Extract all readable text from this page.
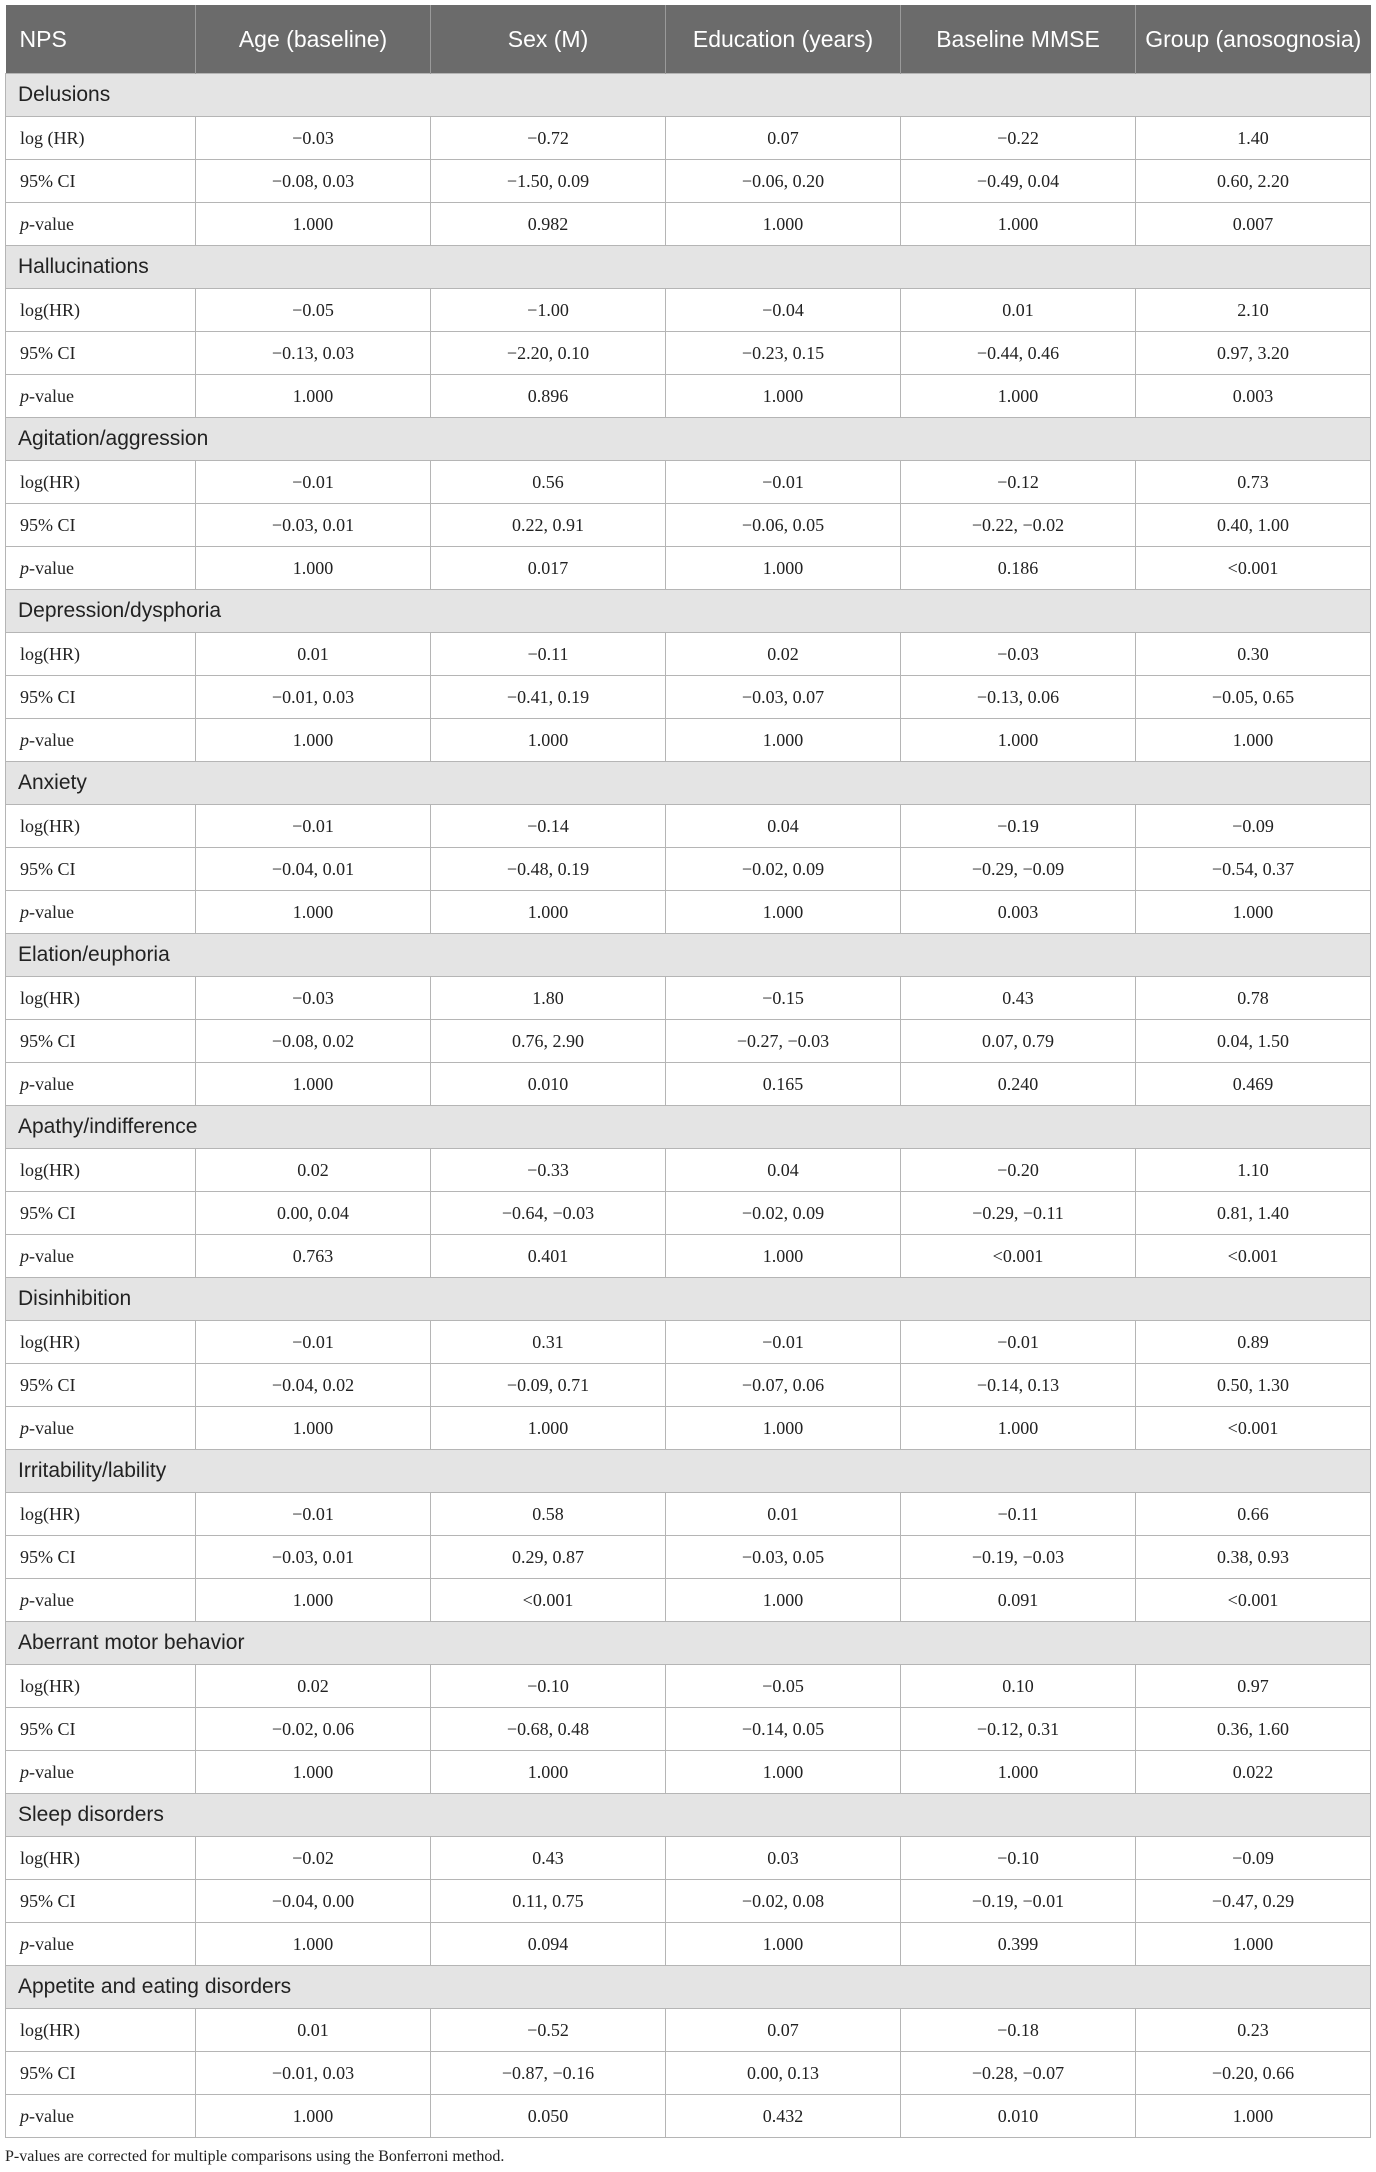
NPS	Age (baseline)	Sex (M)	Education (years)	Baseline MMSE	Group (anosognosia)
Delusions					
log (HR)	−0.03	−0.72	0.07	−0.22	1.40
95% CI	−0.08, 0.03	−1.50, 0.09	−0.06, 0.20	−0.49, 0.04	0.60, 2.20
p-value	1.000	0.982	1.000	1.000	0.007
Hallucinations					
log(HR)	−0.05	−1.00	−0.04	0.01	2.10
95% CI	−0.13, 0.03	−2.20, 0.10	−0.23, 0.15	−0.44, 0.46	0.97, 3.20
p-value	1.000	0.896	1.000	1.000	0.003
Agitation/aggression					
log(HR)	−0.01	0.56	−0.01	−0.12	0.73
95% CI	−0.03, 0.01	0.22, 0.91	−0.06, 0.05	−0.22, −0.02	0.40, 1.00
p-value	1.000	0.017	1.000	0.186	<0.001
Depression/dysphoria					
log(HR)	0.01	−0.11	0.02	−0.03	0.30
95% CI	−0.01, 0.03	−0.41, 0.19	−0.03, 0.07	−0.13, 0.06	−0.05, 0.65
p-value	1.000	1.000	1.000	1.000	1.000
Anxiety					
log(HR)	−0.01	−0.14	0.04	−0.19	−0.09
95% CI	−0.04, 0.01	−0.48, 0.19	−0.02, 0.09	−0.29, −0.09	−0.54, 0.37
p-value	1.000	1.000	1.000	0.003	1.000
Elation/euphoria					
log(HR)	−0.03	1.80	−0.15	0.43	0.78
95% CI	−0.08, 0.02	0.76, 2.90	−0.27, −0.03	0.07, 0.79	0.04, 1.50
p-value	1.000	0.010	0.165	0.240	0.469
Apathy/indifference					
log(HR)	0.02	−0.33	0.04	−0.20	1.10
95% CI	0.00, 0.04	−0.64, −0.03	−0.02, 0.09	−0.29, −0.11	0.81, 1.40
p-value	0.763	0.401	1.000	<0.001	<0.001
Disinhibition					
log(HR)	−0.01	0.31	−0.01	−0.01	0.89
95% CI	−0.04, 0.02	−0.09, 0.71	−0.07, 0.06	−0.14, 0.13	0.50, 1.30
p-value	1.000	1.000	1.000	1.000	<0.001
Irritability/lability					
log(HR)	−0.01	0.58	0.01	−0.11	0.66
95% CI	−0.03, 0.01	0.29, 0.87	−0.03, 0.05	−0.19, −0.03	0.38, 0.93
p-value	1.000	<0.001	1.000	0.091	<0.001
Aberrant motor behavior					
log(HR)	0.02	−0.10	−0.05	0.10	0.97
95% CI	−0.02, 0.06	−0.68, 0.48	−0.14, 0.05	−0.12, 0.31	0.36, 1.60
p-value	1.000	1.000	1.000	1.000	0.022
Sleep disorders					
log(HR)	−0.02	0.43	0.03	−0.10	−0.09
95% CI	−0.04, 0.00	0.11, 0.75	−0.02, 0.08	−0.19, −0.01	−0.47, 0.29
p-value	1.000	0.094	1.000	0.399	1.000
Appetite and eating disorders					
log(HR)	0.01	−0.52	0.07	−0.18	0.23
95% CI	−0.01, 0.03	−0.87, −0.16	0.00, 0.13	−0.28, −0.07	−0.20, 0.66
p-value	1.000	0.050	0.432	0.010	1.000
P-values are corrected for multiple comparisons using the Bonferroni method.
